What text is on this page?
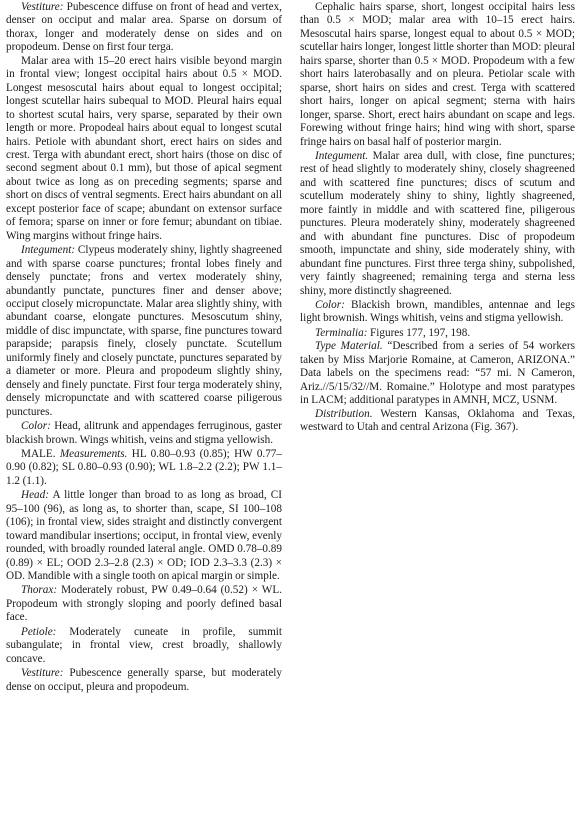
Vestiture: Pubescence diffuse on front of head and vertex, denser on occiput and malar area. Sparse on dorsum of thorax, longer and moderately dense on sides and on propodeum. Dense on first four terga.

Malar area with 15–20 erect hairs visible beyond margin in frontal view; longest occipital hairs about 0.5 × MOD. Longest mesoscutal hairs about equal to longest occipital; longest scutellar hairs subequal to MOD. Pleural hairs equal to shortest scutal hairs, very sparse, separated by their own length or more. Propodeal hairs about equal to longest scutal hairs. Petiole with abundant short, erect hairs on sides and crest. Terga with abundant erect, short hairs (those on disc of second segment about 0.1 mm), but those of apical segment about twice as long as on preceding segments; sparse and short on discs of ventral segments. Erect hairs abundant on all except posterior face of scape; abundant on extensor surface of femora; sparse on inner or fore femur; abundant on tibiae. Wing margins without fringe hairs.

Integument: Clypeus moderately shiny, lightly shagreened and with sparse coarse punctures; frontal lobes finely and densely punctate; frons and vertex moderately shiny, abundantly punctate, punctures finer and denser above; occiput closely micropunctate. Malar area slightly shiny, with abundant coarse, elongate punctures. Mesoscutum shiny, middle of disc impunctate, with sparse, fine punctures toward parapside; parapsis finely, closely punctate. Scutellum uniformly finely and closely punctate, punctures separated by a diameter or more. Pleura and propodeum slightly shiny, densely and finely punctate. First four terga moderately shiny, densely micropunctate and with scattered coarse piligerous punctures.

Color: Head, alitrunk and appendages ferruginous, gaster blackish brown. Wings whitish, veins and stigma yellowish.

MALE. Measurements. HL 0.80–0.93 (0.85); HW 0.77–0.90 (0.82); SL 0.80–0.93 (0.90); WL 1.8–2.2 (2.2); PW 1.1–1.2 (1.1).

Head: A little longer than broad to as long as broad, CI 95–100 (96), as long as, to shorter than, scape, SI 100–108 (106); in frontal view, sides straight and distinctly convergent toward mandibular insertions; occiput, in frontal view, evenly rounded, with broadly rounded lateral angle. OMD 0.78–0.89 (0.89) × EL; OOD 2.3–2.8 (2.3) × OD; IOD 2.3–3.3 (2.3) × OD. Mandible with a single tooth on apical margin or simple.

Thorax: Moderately robust, PW 0.49–0.64 (0.52) × WL. Propodeum with strongly sloping and poorly defined basal face.

Petiole: Moderately cuneate in profile, summit subangulate; in frontal view, crest broadly, shallowly concave.

Vestiture: Pubescence generally sparse, but moderately dense on occiput, pleura and propodeum.

Cephalic hairs sparse, short, longest occipital hairs less than 0.5 × MOD; malar area with 10–15 erect hairs. Mesoscutal hairs sparse, longest equal to about 0.5 × MOD; scutellar hairs longer, longest little shorter than MOD: pleural hairs sparse, shorter than 0.5 × MOD. Propodeum with a few short hairs laterobasally and on pleura. Petiolar scale with sparse, short hairs on sides and crest. Terga with scattered short hairs, longer on apical segment; sterna with hairs longer, sparse. Short, erect hairs abundant on scape and legs. Forewing without fringe hairs; hind wing with short, sparse fringe hairs on basal half of posterior margin.

Integument. Malar area dull, with close, fine punctures; rest of head slightly to moderately shiny, closely shagreened and with scattered fine punctures; discs of scutum and scutellum moderately shiny to shiny, lightly shagreened, more faintly in middle and with scattered fine, piligerous punctures. Pleura moderately shiny, moderately shagreened and with abundant fine punctures. Disc of propodeum smooth, impunctate and shiny, side moderately shiny, with abundant fine punctures. First three terga shiny, subpolished, very faintly shagreened; remaining terga and sterna less shiny, more distinctly shagreened.

Color: Blackish brown, mandibles, antennae and legs light brownish. Wings whitish, veins and stigma yellowish.

Terminalia: Figures 177, 197, 198.

Type Material. “Described from a series of 54 workers taken by Miss Marjorie Romaine, at Cameron, ARIZONA.” Data labels on the specimens read: “57 mi. N Cameron, Ariz.//5/15/32//M. Romaine.” Holotype and most paratypes in LACM; additional paratypes in AMNH, MCZ, USNM.

Distribution. Western Kansas, Oklahoma and Texas, westward to Utah and central Arizona (Fig. 367).
